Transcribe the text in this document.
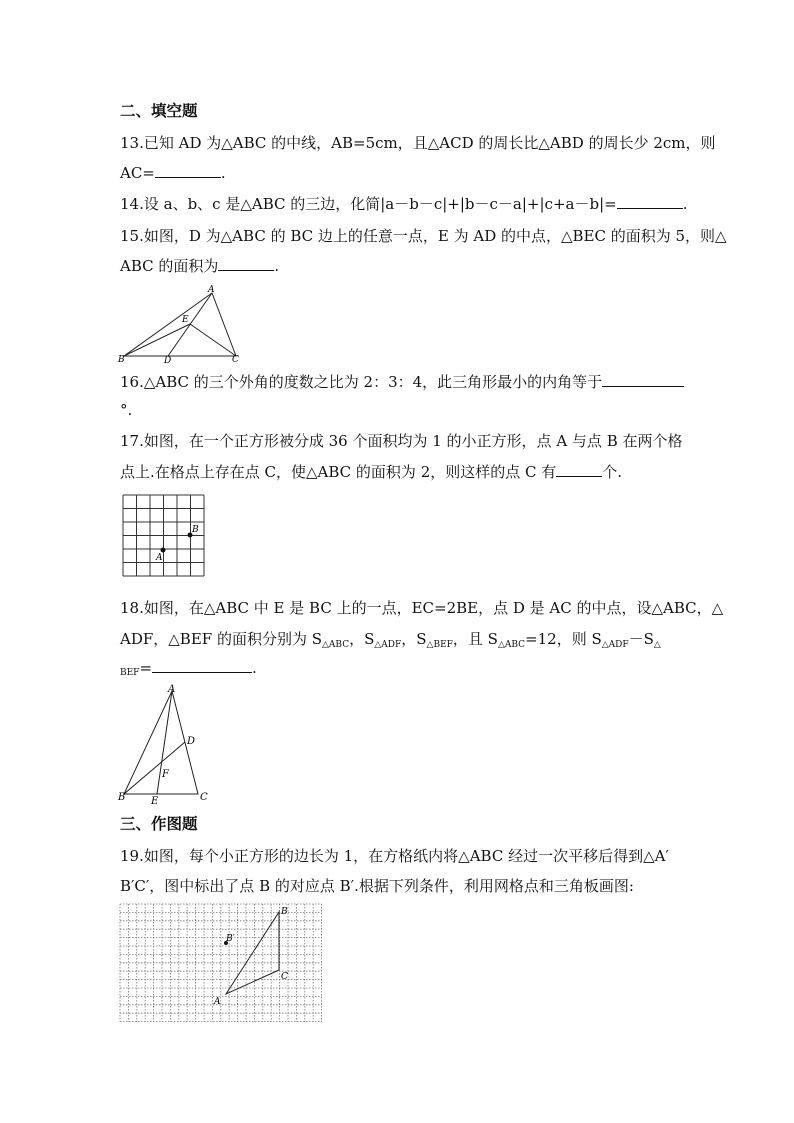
二、填空题
13.已知 AD 为△ABC 的中线，AB=5cm，且△ACD 的周长比△ABD 的周长少 2cm，则
AC=	.
14.设 a、b、c 是△ABC 的三边，化简|a－b－c|+|b－c－a|+|c+a－b|=	.
15.如图，D 为△ABC 的 BC 边上的任意一点，E 为 AD 的中点，△BEC 的面积为 5，则△
ABC 的面积为	.
A
B	C
D
E
16.△ABC 的三个外角的度数之比为 2：3：4，此三角形最小的内角等于
°.
17.如图，在一个正方形被分成 36 个面积均为 1 的小正方形，点 A 与点 B 在两个格
点上.在格点上存在点 C，使△ABC 的面积为 2，则这样的点 C 有	个.
A
B
18.如图，在△ABC 中 E 是 BC 上的一点，EC=2BE，点 D 是 AC 的中点，设△ABC，△
ADF，△BEF 的面积分别为 $S_{\triangle ABC}$，$S_{\triangle ADF}$，$S_{\triangle BEF}$，且 $S_{\triangle ABC}=12$，则 $S_{\triangle ADF}-S_\triangle$
BEF=	.
A
B	C
D
E
F
三、作图题
19.如图，每个小正方形的边长为 1，在方格纸内将△ABC 经过一次平移后得到△A′
B′C′，图中标出了点 B 的对应点 B′.根据下列条件，利用网格点和三角板画图:
A
B
C
B′
